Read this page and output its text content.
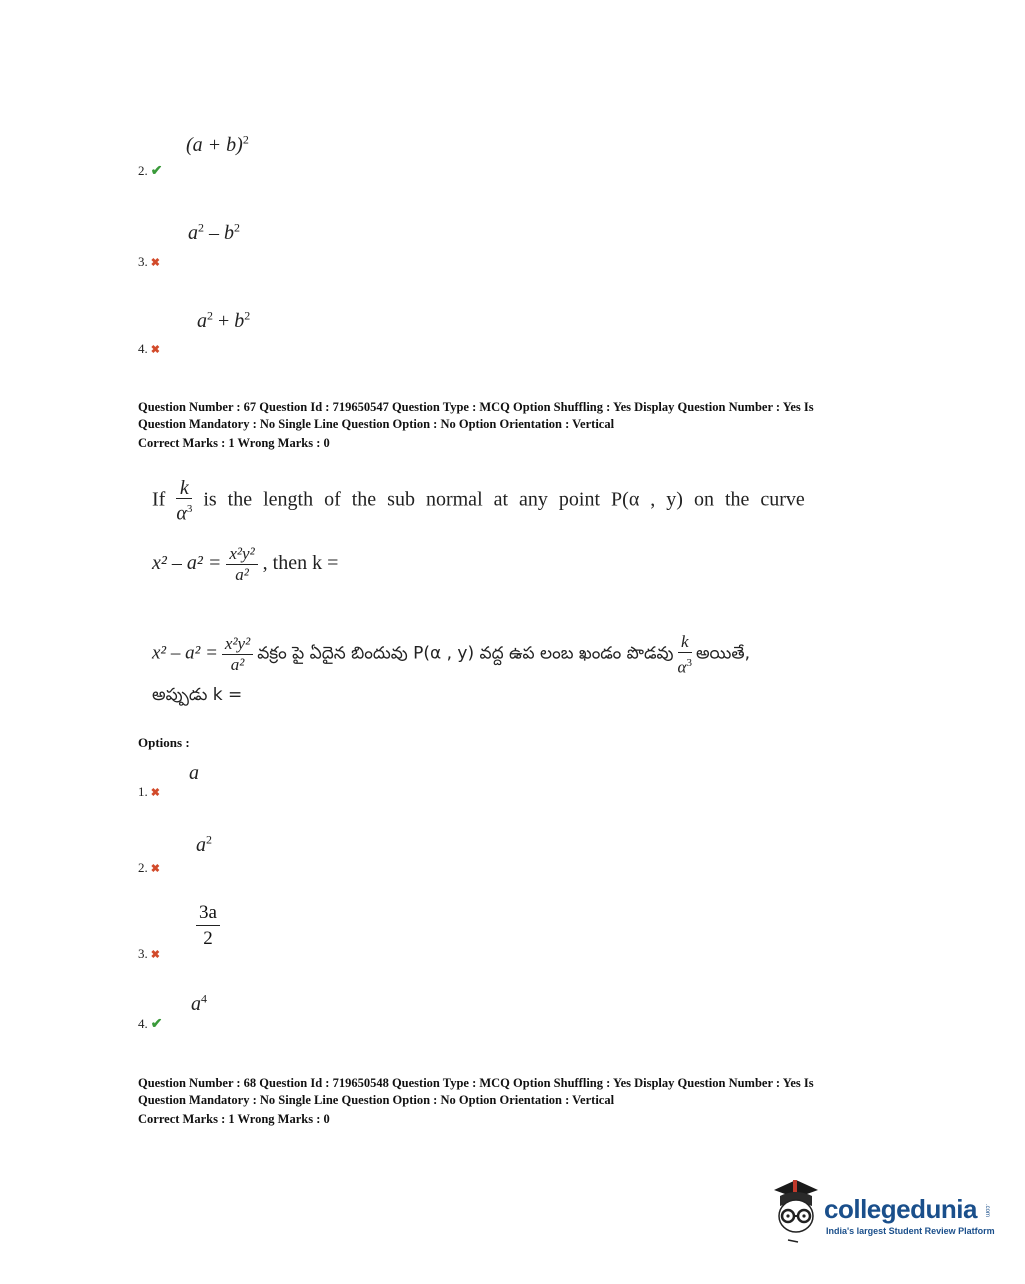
$(a + b)^2$
2. ✔
$a^2 - b^2$
3. ✖
$a^2 + b^2$
4. ✖
Question Number : 67 Question Id : 719650547 Question Type : MCQ Option Shuffling : Yes Display Question Number : Yes Is
Question Mandatory : No Single Line Question Option : No Option Orientation : Vertical
Correct Marks : 1 Wrong Marks : 0
If $\frac{k}{\alpha^3}$ is the length of the sub normal at any point P(α , y) on the curve
$x^2 - a^2 = \frac{\text{x²y²}}{\text{a²}}$ , then k =
$x^2 - a^2 = \frac{\text{x²y²}}{\text{a²}}$ వక్రం పై ఏదైన బిందువు P(α , y) వద్ద ఉప లంబ ఖండం పొడవు $\frac{k}{\alpha^3}$ అయితే,
అప్పుడు k =
Options :
a
1. ✖
$a^2$
2. ✖
$\frac{3a}{2}$
3. ✖
$a^4$
4. ✔
Question Number : 68 Question Id : 719650548 Question Type : MCQ Option Shuffling : Yes Display Question Number : Yes Is
Question Mandatory : No Single Line Question Option : No Option Orientation : Vertical
Correct Marks : 1 Wrong Marks : 0
collegedunia .com
India's largest Student Review Platform
